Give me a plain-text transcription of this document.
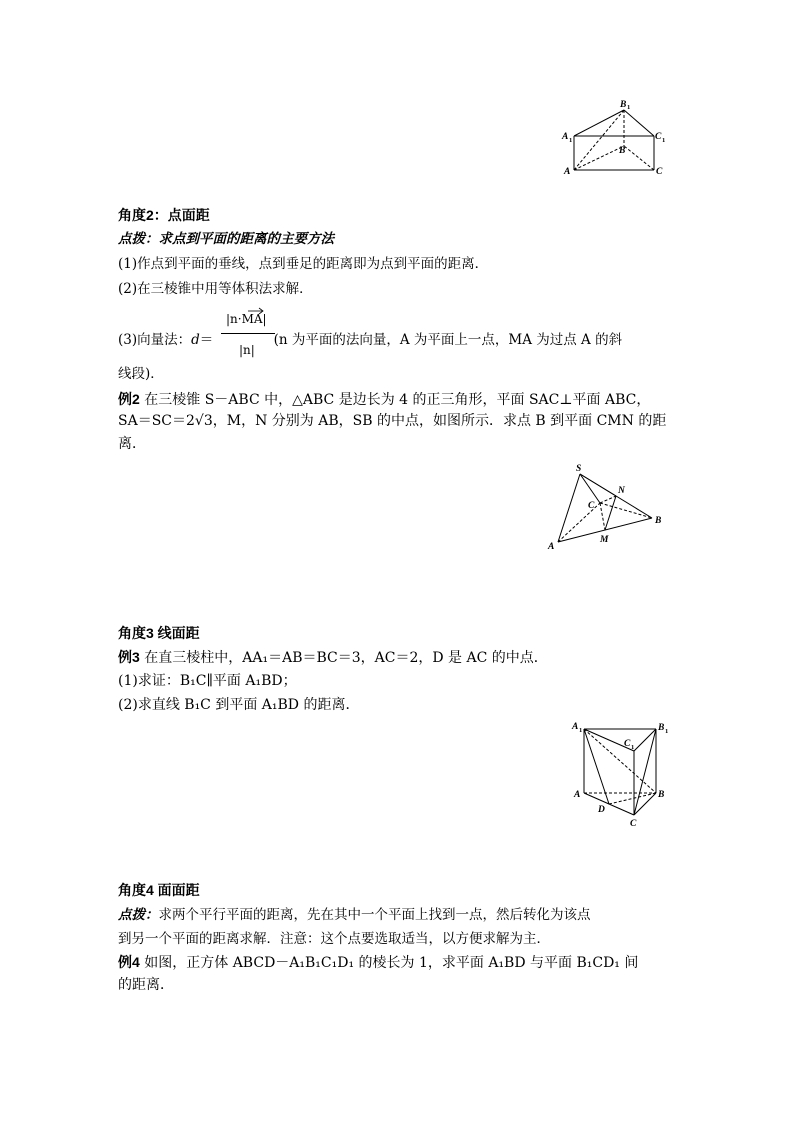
B 1
A 1	C 1
B
A	C
角度2：点面距
点拨：求点到平面的距离的主要方法
(1)作点到平面的垂线，点到垂足的距离即为点到平面的距离．
(2)在三棱锥中用等体积法求解．
|n·MA|
|n|
(3)向量法：d＝	(n 为平面的法向量，A 为平面上一点，MA 为过点 A 的斜
线段)．
例2 在三棱锥 S－ABC 中，△ABC 是边长为 4 的正三角形，平面 SAC⊥平面 ABC，
SA＝SC＝2√3，M，N 分别为 AB，SB 的中点，如图所示．求点 B 到平面 CMN 的距
离．
S
N
C
B
A
M
角度3 线面距
例3 在直三棱柱中，AA₁＝AB＝BC＝3，AC＝2，D 是 AC 的中点．
(1)求证：B₁C∥平面 A₁BD；
(2)求直线 B₁C 到平面 A₁BD 的距离．
A 1	B 1
C 1
A	B
D
C
角度4 面面距
点拨：求两个平行平面的距离，先在其中一个平面上找到一点，然后转化为该点
到另一个平面的距离求解．注意：这个点要选取适当，以方便求解为主．
例4 如图，正方体 ABCD－A₁B₁C₁D₁ 的棱长为 1，求平面 A₁BD 与平面 B₁CD₁ 间
的距离．
